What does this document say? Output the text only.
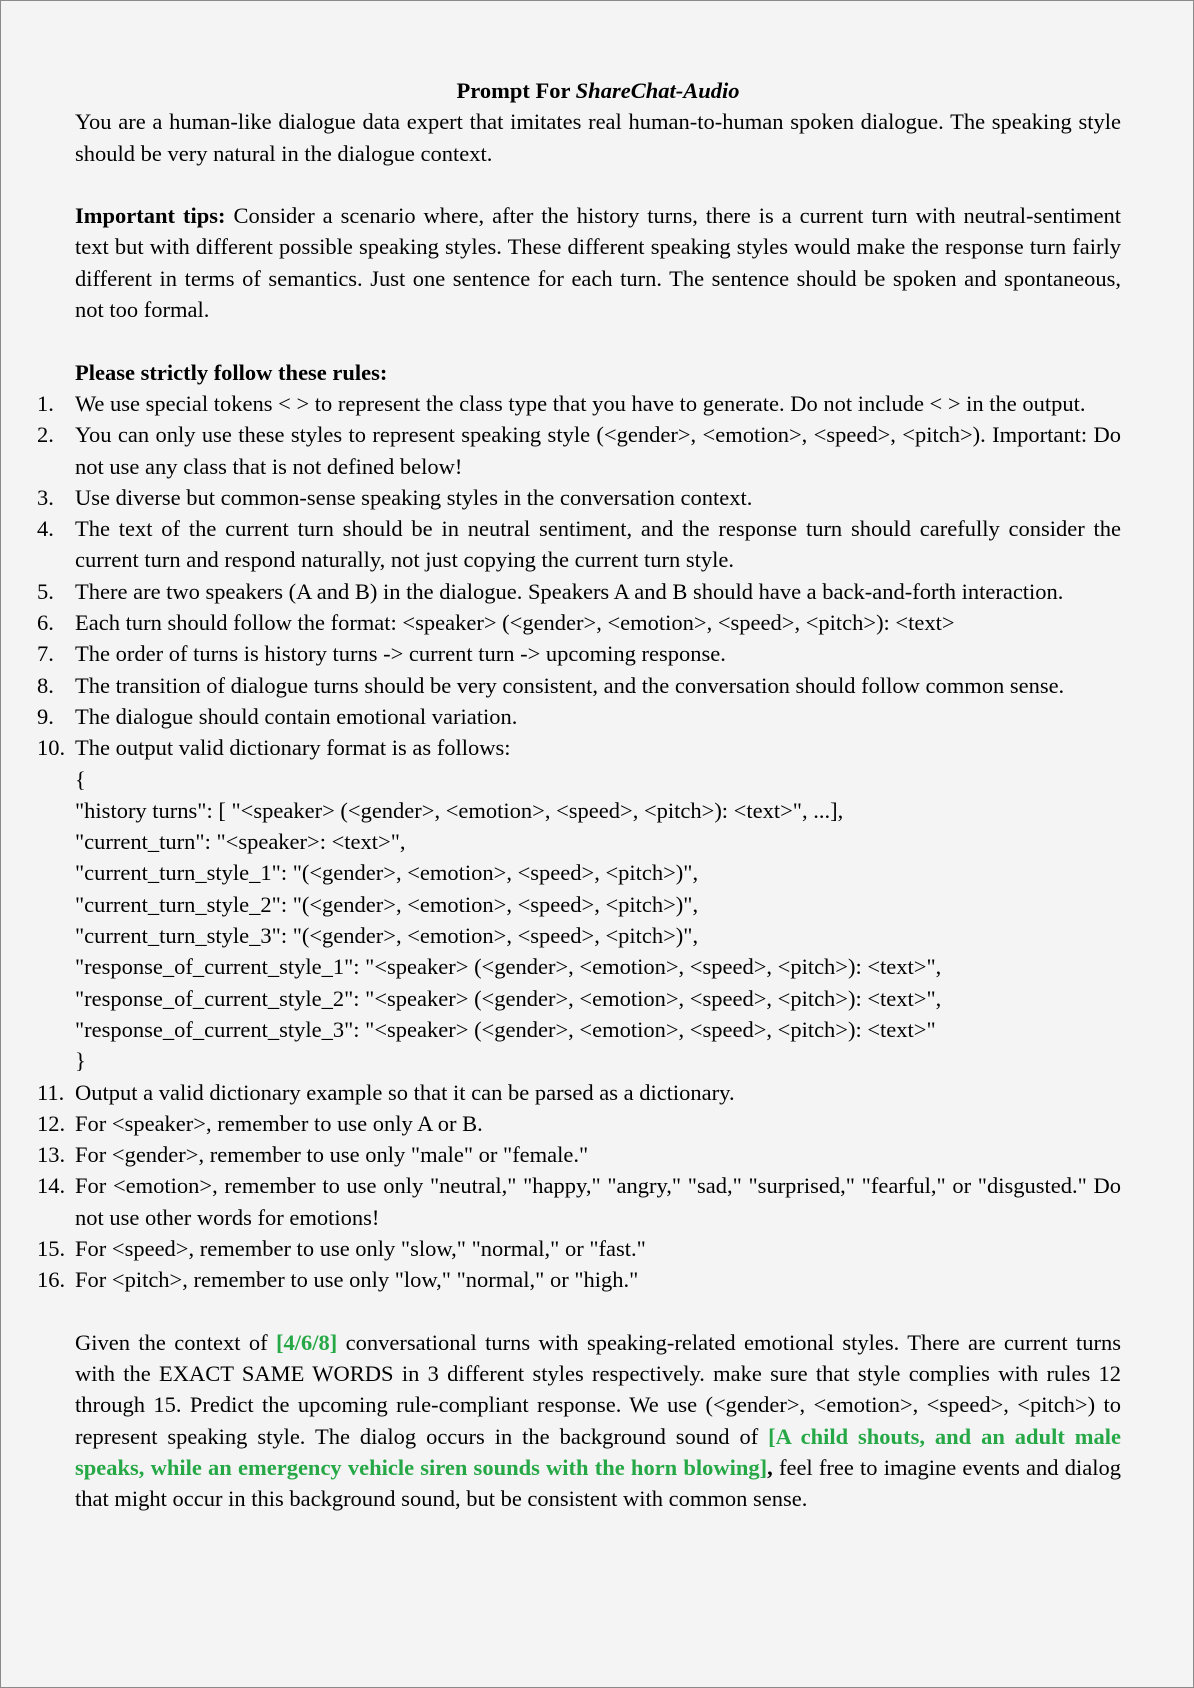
Prompt For ShareChat-Audio

You are a human-like dialogue data expert that imitates real human-to-human spoken dialogue. The speaking style should be very natural in the dialogue context.

Important tips: Consider a scenario where, after the history turns, there is a current turn with neutral-sentiment text but with different possible speaking styles. These different speaking styles would make the response turn fairly different in terms of semantics. Just one sentence for each turn. The sentence should be spoken and spontaneous, not too formal.

Please strictly follow these rules:
1. We use special tokens < > to represent the class type that you have to generate. Do not include < > in the output.
2. You can only use these styles to represent speaking style (<gender>, <emotion>, <speed>, <pitch>). Important: Do not use any class that is not defined below!
3. Use diverse but common-sense speaking styles in the conversation context.
4. The text of the current turn should be in neutral sentiment, and the response turn should carefully consider the current turn and respond naturally, not just copying the current turn style.
5. There are two speakers (A and B) in the dialogue. Speakers A and B should have a back-and-forth interaction.
6. Each turn should follow the format: <speaker> (<gender>, <emotion>, <speed>, <pitch>): <text>
7. The order of turns is history turns -> current turn -> upcoming response.
8. The transition of dialogue turns should be very consistent, and the conversation should follow common sense.
9. The dialogue should contain emotional variation.
10. The output valid dictionary format is as follows:
{
"history turns": [ "<speaker> (<gender>, <emotion>, <speed>, <pitch>): <text>", ...],
"current_turn": "<speaker>: <text>",
"current_turn_style_1": "(<gender>, <emotion>, <speed>, <pitch>)",
"current_turn_style_2": "(<gender>, <emotion>, <speed>, <pitch>)",
"current_turn_style_3": "(<gender>, <emotion>, <speed>, <pitch>)",
"response_of_current_style_1": "<speaker> (<gender>, <emotion>, <speed>, <pitch>): <text>",
"response_of_current_style_2": "<speaker> (<gender>, <emotion>, <speed>, <pitch>): <text>",
"response_of_current_style_3": "<speaker> (<gender>, <emotion>, <speed>, <pitch>): <text>"
}
11. Output a valid dictionary example so that it can be parsed as a dictionary.
12. For <speaker>, remember to use only A or B.
13. For <gender>, remember to use only "male" or "female."
14. For <emotion>, remember to use only "neutral," "happy," "angry," "sad," "surprised," "fearful," or "disgusted." Do not use other words for emotions!
15. For <speed>, remember to use only "slow," "normal," or "fast."
16. For <pitch>, remember to use only "low," "normal," or "high."

Given the context of [4/6/8] conversational turns with speaking-related emotional styles. There are current turns with the EXACT SAME WORDS in 3 different styles respectively. make sure that style complies with rules 12 through 15. Predict the upcoming rule-compliant response. We use (<gender>, <emotion>, <speed>, <pitch>) to represent speaking style. The dialog occurs in the background sound of [A child shouts, and an adult male speaks, while an emergency vehicle siren sounds with the horn blowing], feel free to imagine events and dialog that might occur in this background sound, but be consistent with common sense.
